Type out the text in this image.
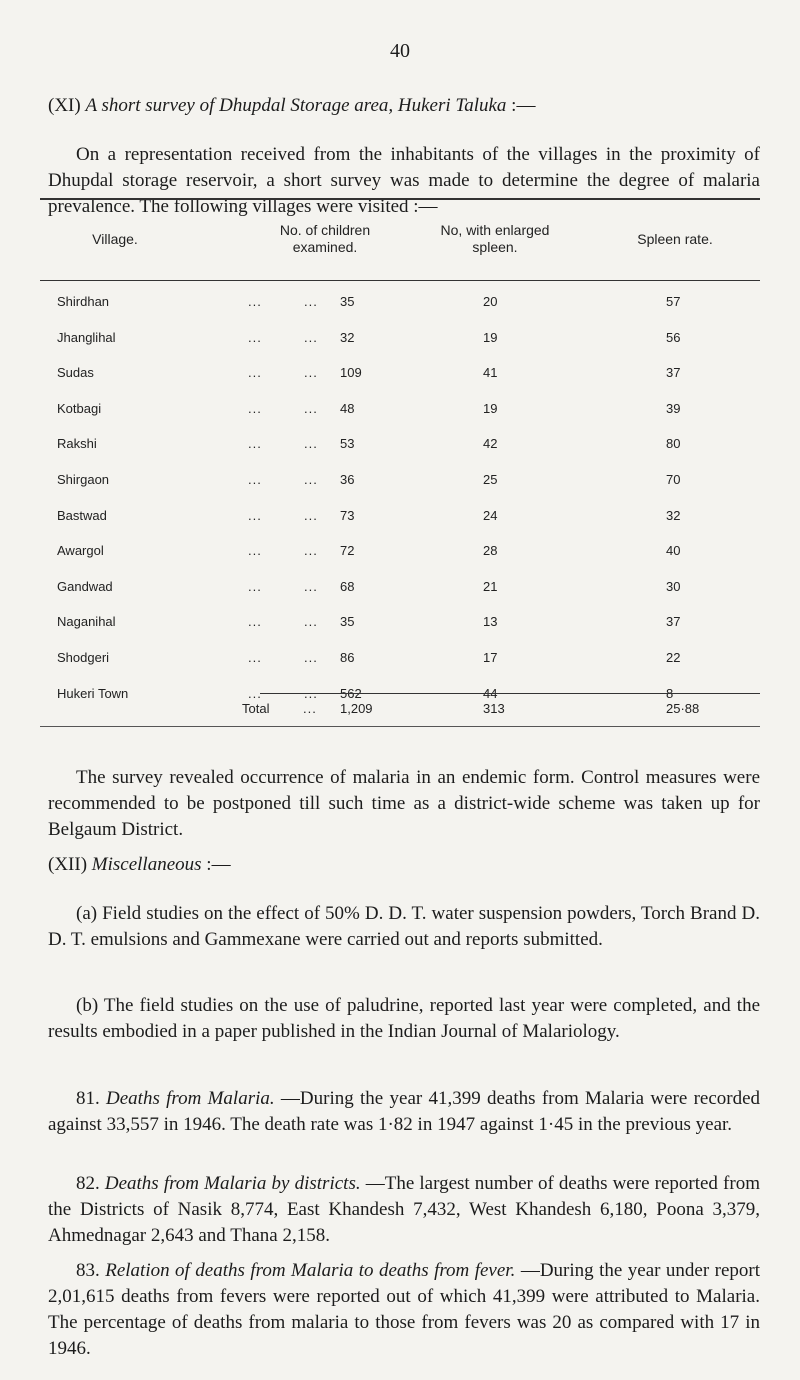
40
(XI) A short survey of Dhupdal Storage area, Hukeri Taluka :—

On a representation received from the inhabitants of the villages in the proximity of Dhupdal storage reservoir, a short survey was made to determine the degree of malaria prevalence. The following villages were visited :—

Village.
No. of children
examined.
No, with enlarged
spleen.	Spleen rate.
Shirdhan	...	... 35	20	57
Jhanglihal	...	... 32	19	56
Sudas	...	... 109	41	37
Kotbagi	...	... 48	19	39
Rakshi	...	... 53	42	80
Shirgaon	...	... 36	25	70
Bastwad	...	... 73	24	32
Awargol	...	... 72	28	40
Gandwad	...	... 68	21	30
Naganihal	...	... 35	13	37
Shodgeri	...	... 86	17	22
Hukeri Town	...	... 562	44	8
Total	... 1,209	313	25·88

The survey revealed occurrence of malaria in an endemic form. Control measures were recommended to be postponed till such time as a district-wide scheme was taken up for Belgaum District.

(XII) Miscellaneous :—

(a) Field studies on the effect of 50% D. D. T. water suspension powders, Torch Brand D. D. T. emulsions and Gammexane were carried out and reports submitted.

(b) The field studies on the use of paludrine, reported last year were completed, and the results embodied in a paper published in the Indian Journal of Malariology.

81. Deaths from Malaria. —During the year 41,399 deaths from Malaria were recorded against 33,557 in 1946. The death rate was 1·82 in 1947 against 1·45 in the previous year.

82. Deaths from Malaria by districts. —The largest number of deaths were reported from the Districts of Nasik 8,774, East Khandesh 7,432, West Khandesh 6,180, Poona 3,379, Ahmednagar 2,643 and Thana 2,158.

83. Relation of deaths from Malaria to deaths from fever. —During the year under report 2,01,615 deaths from fevers were reported out of which 41,399 were attributed to Malaria. The percentage of deaths from malaria to those from fevers was 20 as compared with 17 in 1946.
